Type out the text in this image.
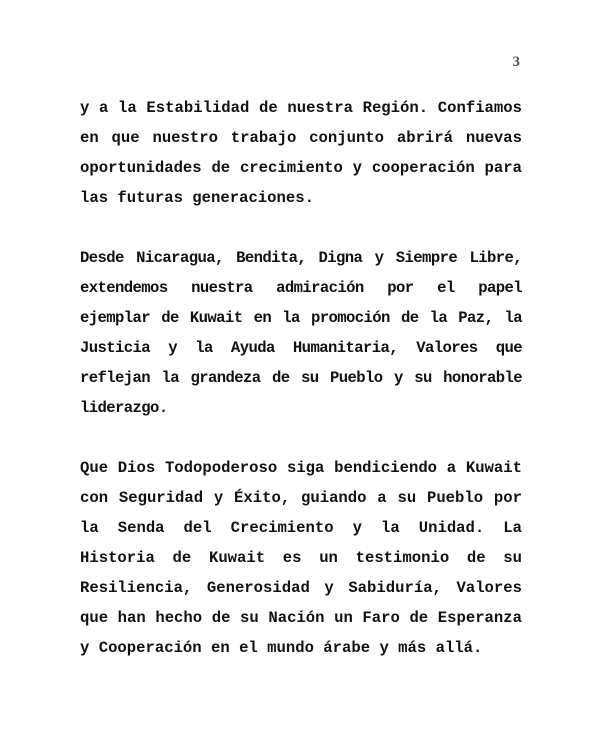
3

y a la Estabilidad de nuestra Región. Confiamos en que nuestro trabajo conjunto abrirá nuevas oportunidades de crecimiento y cooperación para las futuras generaciones.

Desde Nicaragua, Bendita, Digna y Siempre Libre, extendemos nuestra admiración por el papel ejemplar de Kuwait en la promoción de la Paz, la Justicia y la Ayuda Humanitaria, Valores que reflejan la grandeza de su Pueblo y su honorable liderazgo.

Que Dios Todopoderoso siga bendiciendo a Kuwait con Seguridad y Éxito, guiando a su Pueblo por la Senda del Crecimiento y la Unidad. La Historia de Kuwait es un testimonio de su Resiliencia, Generosidad y Sabiduría, Valores que han hecho de su Nación un Faro de Esperanza y Cooperación en el mundo árabe y más allá.
